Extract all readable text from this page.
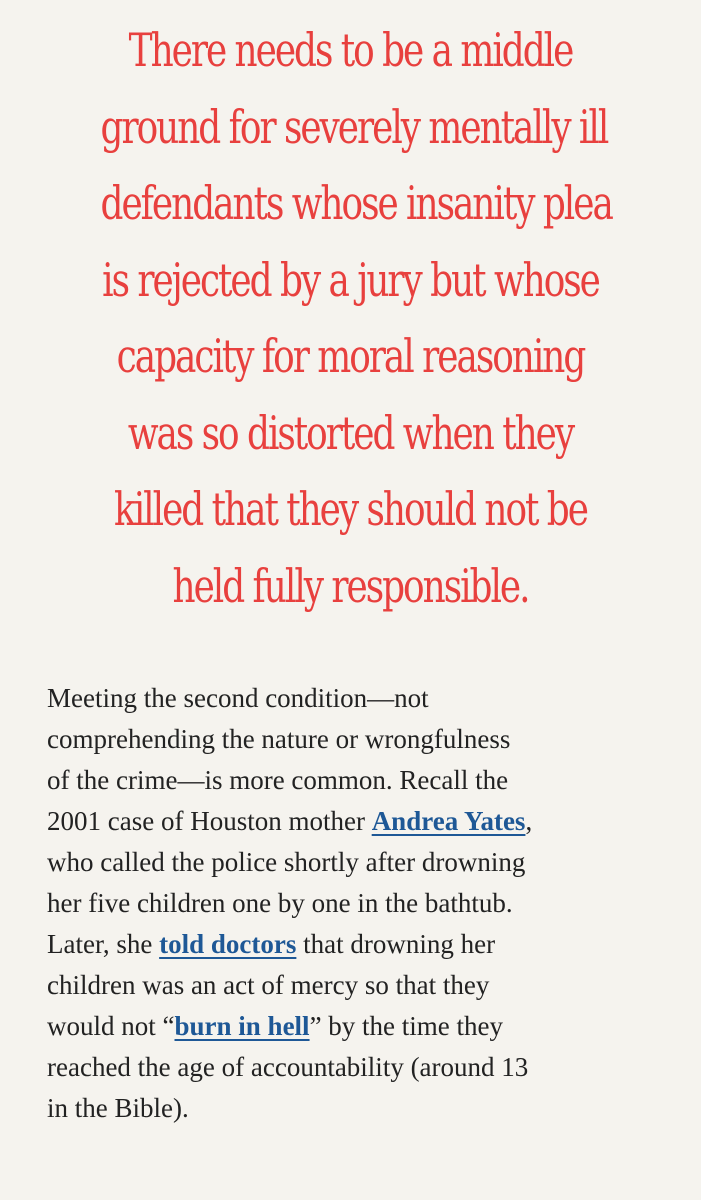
There needs to be a middle
ground for severely mentally ill
defendants whose insanity plea
is rejected by a jury but whose
capacity for moral reasoning
was so distorted when they
killed that they should not be
held fully responsible.

Meeting the second condition—not
comprehending the nature or wrongfulness
of the crime—is more common. Recall the
2001 case of Houston mother Andrea Yates,
who called the police shortly after drowning
her five children one by one in the bathtub.
Later, she told doctors that drowning her
children was an act of mercy so that they
would not “burn in hell” by the time they
reached the age of accountability (around 13
in the Bible).
